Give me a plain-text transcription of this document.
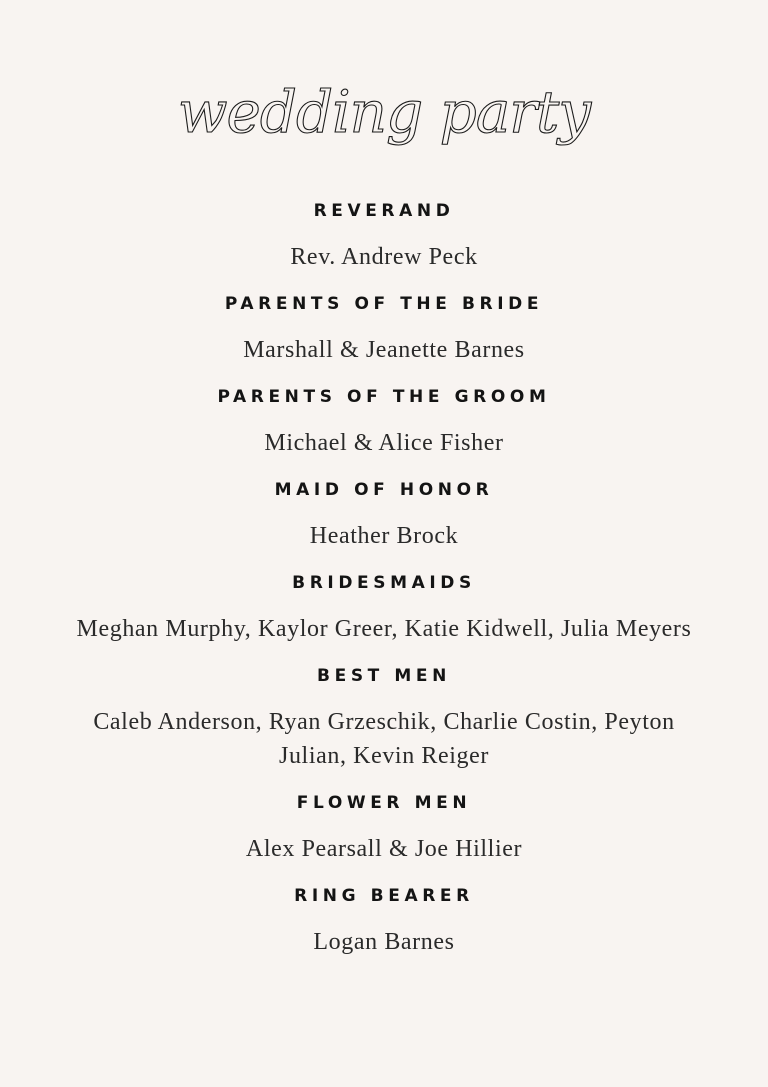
wedding party
REVERAND
Rev. Andrew Peck
PARENTS OF THE BRIDE
Marshall & Jeanette Barnes
PARENTS OF THE GROOM
Michael & Alice Fisher
MAID OF HONOR
Heather Brock
BRIDESMAIDS
Meghan Murphy, Kaylor Greer, Katie Kidwell, Julia Meyers
BEST MEN
Caleb Anderson, Ryan Grzeschik, Charlie Costin, Peyton Julian, Kevin Reiger
FLOWER MEN
Alex Pearsall & Joe Hillier
RING BEARER
Logan Barnes
